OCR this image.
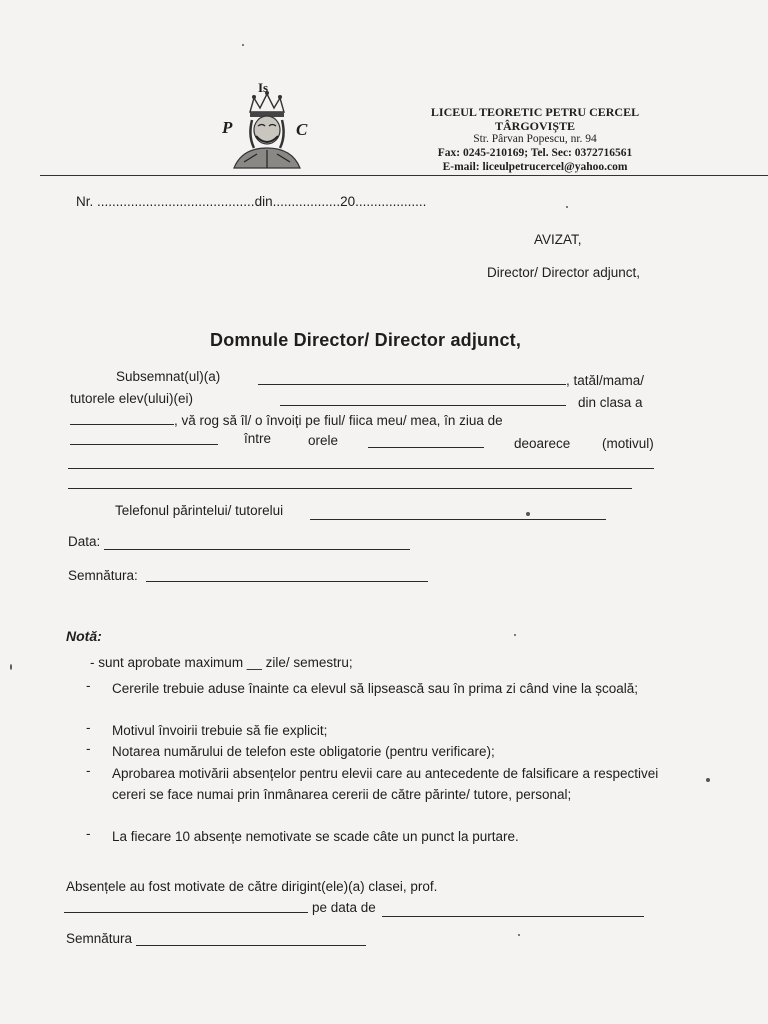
Is
P	C
LICEUL TEORETIC PETRU CERCEL
TÂRGOVIȘTE
Str. Pârvan Popescu, nr. 94
Fax: 0245-210169; Tel. Sec: 0372716561
E-mail: liceulpetrucercel@yahoo.com
Nr. ..........................................din..................20...................
AVIZAT,
Director/ Director adjunct,
Domnule Director/ Director adjunct,
Subsemnat(ul)(a)	, tatăl/mama/
tutorele elev(ului)(ei)	din clasa a
, vă rog să îl/ o învoiți pe fiul/ fiica meu/ mea, în ziua de
între	orele	deoarece (motivul)
Telefonul părintelui/ tutorelui
Data:
Semnătura:
Notă:
- sunt aprobate maximum __ zile/ semestru;
- Cererile trebuie aduse înainte ca elevul să lipsească sau în prima zi când vine la școală;
- Motivul învoirii trebuie să fie explicit;
- Notarea numărului de telefon este obligatorie (pentru verificare);
- Aprobarea motivării absențelor pentru elevii care au antecedente de falsificare a respectivei cereri se face numai prin înmânarea cererii de către părinte/ tutore, personal;
- La fiecare 10 absențe nemotivate se scade câte un punct la purtare.
Absențele au fost motivate de către dirigint(ele)(a) clasei, prof.
pe data de
Semnătura
